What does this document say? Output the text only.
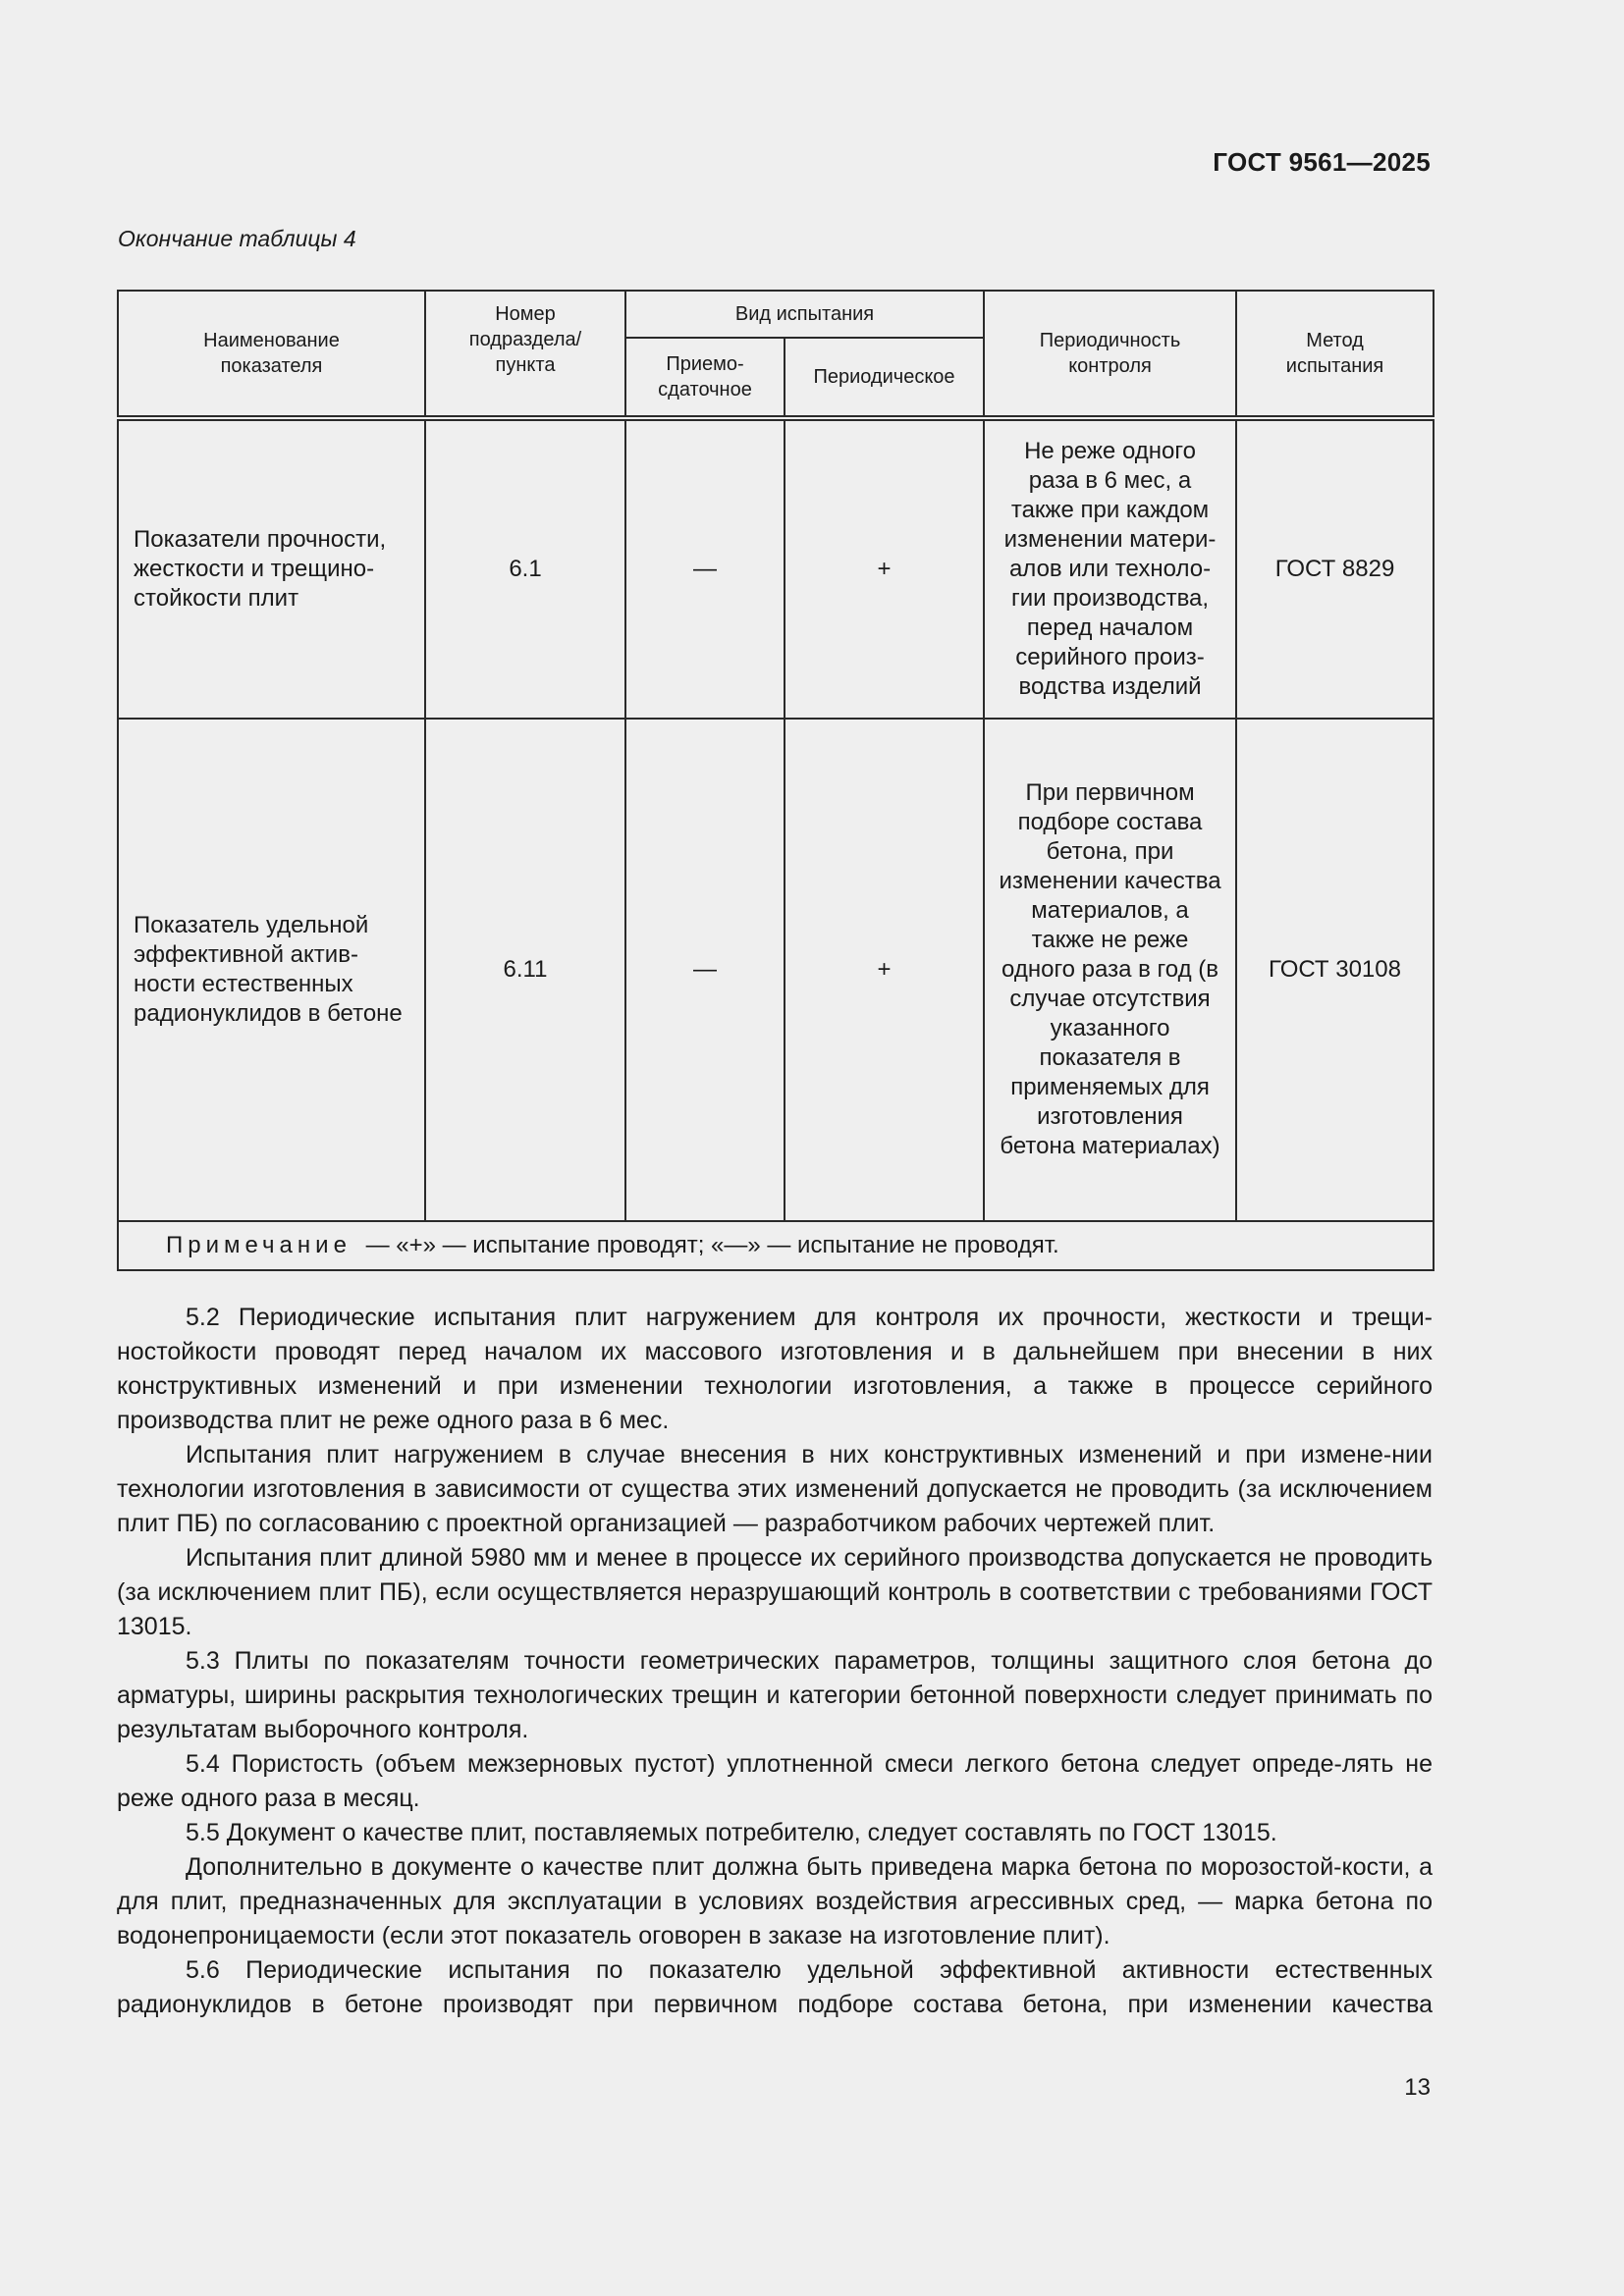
ГОСТ 9561—2025
Окончание таблицы 4
Наименование показателя	Номер подраздела/ пункта	Вид испытания		Периодичность контроля	Метод испытания
		Приемо-сдаточное	Периодическое		
Показатели прочности, жесткости и трещино-стойкости плит	6.1	—	+	Не реже одного раза в 6 мес, а также при каждом изменении матери-алов или техноло-гии производства, перед началом серийного произ-водства изделий	ГОСТ 8829
Показатель удельной эффективной актив-ности естественных радионуклидов в бетоне	6.11	—	+	При первичном подборе состава бетона, при изменении качества материалов, а также не реже одного раза в год (в случае отсутствия указанного показателя в применяемых для изготовления бетона материалах)	ГОСТ 30108
Примечание — «+» — испытание проводят; «—» — испытание не проводят.					

5.2 Периодические испытания плит нагружением для контроля их прочности, жесткости и трещи-ностойкости проводят перед началом их массового изготовления и в дальнейшем при внесении в них конструктивных изменений и при изменении технологии изготовления, а также в процессе серийного производства плит не реже одного раза в 6 мес.

Испытания плит нагружением в случае внесения в них конструктивных изменений и при измене-нии технологии изготовления в зависимости от существа этих изменений допускается не проводить (за исключением плит ПБ) по согласованию с проектной организацией — разработчиком рабочих чертежей плит.

Испытания плит длиной 5980 мм и менее в процессе их серийного производства допускается не проводить (за исключением плит ПБ), если осуществляется неразрушающий контроль в соответствии с требованиями ГОСТ 13015.

5.3 Плиты по показателям точности геометрических параметров, толщины защитного слоя бетона до арматуры, ширины раскрытия технологических трещин и категории бетонной поверхности следует принимать по результатам выборочного контроля.

5.4 Пористость (объем межзерновых пустот) уплотненной смеси легкого бетона следует опреде-лять не реже одного раза в месяц.

5.5 Документ о качестве плит, поставляемых потребителю, следует составлять по ГОСТ 13015.

Дополнительно в документе о качестве плит должна быть приведена марка бетона по морозостой-кости, а для плит, предназначенных для эксплуатации в условиях воздействия агрессивных сред, — марка бетона по водонепроницаемости (если этот показатель оговорен в заказе на изготовление плит).

5.6 Периодические испытания по показателю удельной эффективной активности естественных радионуклидов в бетоне производят при первичном подборе состава бетона, при изменении качества

13
